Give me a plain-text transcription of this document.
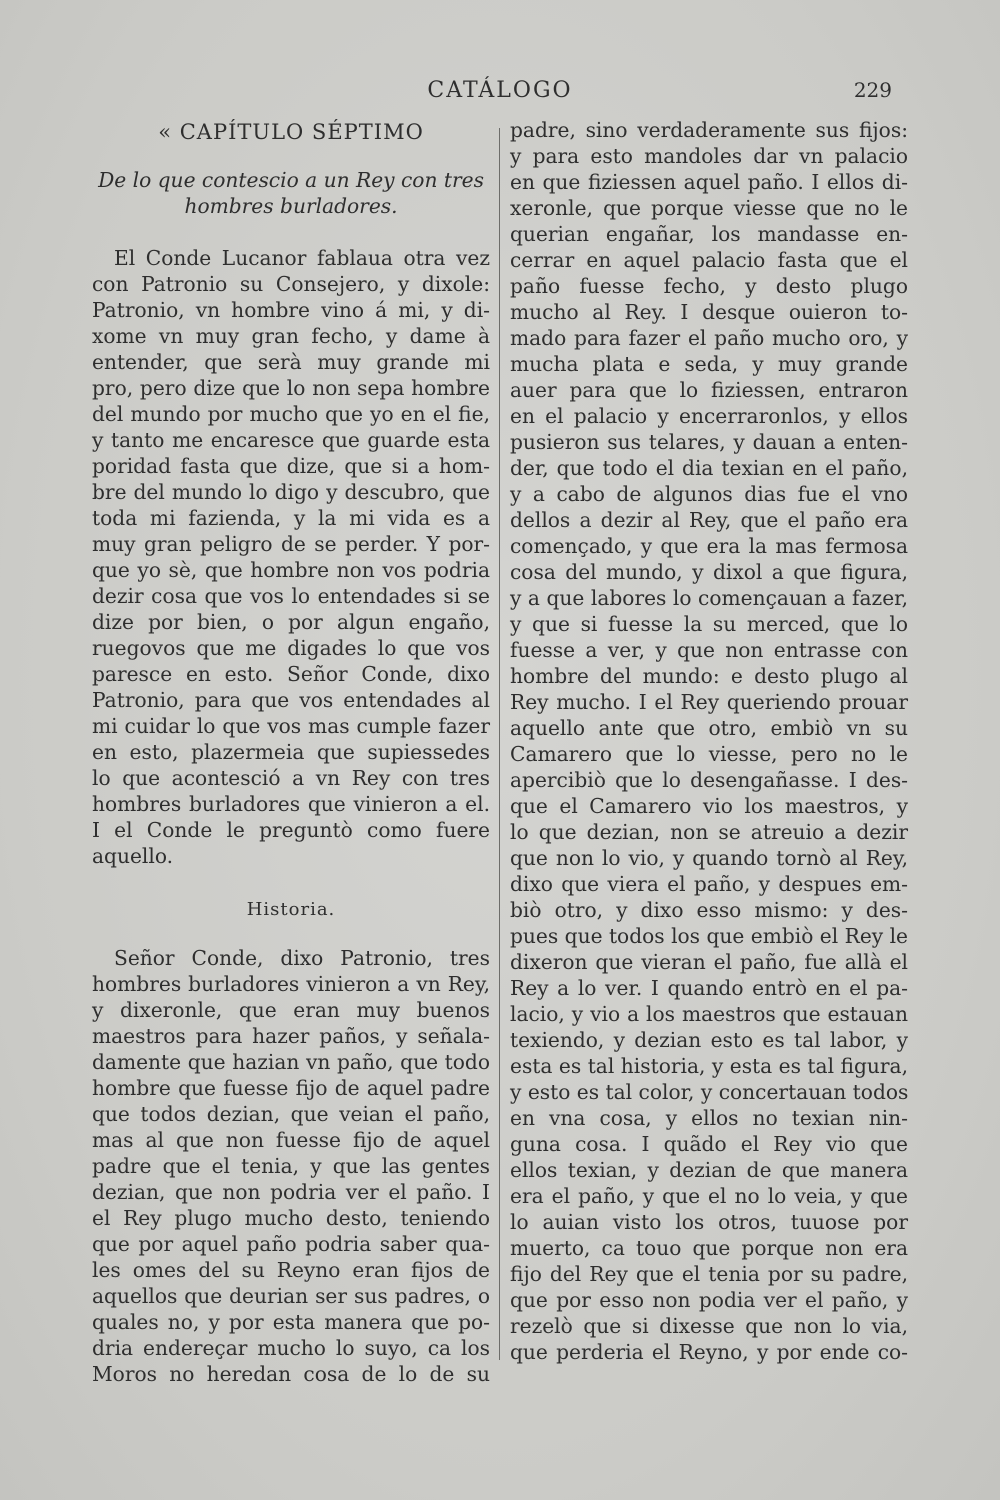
CATÁLOGO	229
« CAPÍTULO SÉPTIMO
De lo que contescio a un Rey con tres
hombres burladores.
El Conde Lucanor fablaua otra vez
con Patronio su Consejero, y dixole:
Patronio, vn hombre vino á mi, y di-
xome vn muy gran fecho, y dame à
entender, que serà muy grande mi
pro, pero dize que lo non sepa hombre
del mundo por mucho que yo en el fie,
y tanto me encaresce que guarde esta
poridad fasta que dize, que si a hom-
bre del mundo lo digo y descubro, que
toda mi fazienda, y la mi vida es a
muy gran peligro de se perder. Y por-
que yo sè, que hombre non vos podria
dezir cosa que vos lo entendades si se
dize por bien, o por algun engaño,
ruegovos que me digades lo que vos
paresce en esto. Señor Conde, dixo
Patronio, para que vos entendades al
mi cuidar lo que vos mas cumple fazer
en esto, plazermeia que supiessedes
lo que acontesció a vn Rey con tres
hombres burladores que vinieron a el.
I el Conde le preguntò como fuere
aquello.
Historia.
Señor Conde, dixo Patronio, tres
hombres burladores vinieron a vn Rey,
y dixeronle, que eran muy buenos
maestros para hazer paños, y señala-
damente que hazian vn paño, que todo
hombre que fuesse fijo de aquel padre
que todos dezian, que veian el paño,
mas al que non fuesse fijo de aquel
padre que el tenia, y que las gentes
dezian, que non podria ver el paño. I
el Rey plugo mucho desto, teniendo
que por aquel paño podria saber qua-
les omes del su Reyno eran fijos de
aquellos que deurian ser sus padres, o
quales no, y por esta manera que po-
dria endereçar mucho lo suyo, ca los
Moros no heredan cosa de lo de su
padre, sino verdaderamente sus fijos:
y para esto mandoles dar vn palacio
en que fiziessen aquel paño. I ellos di-
xeronle, que porque viesse que no le
querian engañar, los mandasse en-
cerrar en aquel palacio fasta que el
paño fuesse fecho, y desto plugo
mucho al Rey. I desque ouieron to-
mado para fazer el paño mucho oro, y
mucha plata e seda, y muy grande
auer para que lo fiziessen, entraron
en el palacio y encerraronlos, y ellos
pusieron sus telares, y dauan a enten-
der, que todo el dia texian en el paño,
y a cabo de algunos dias fue el vno
dellos a dezir al Rey, que el paño era
començado, y que era la mas fermosa
cosa del mundo, y dixol a que figura,
y a que labores lo començauan a fazer,
y que si fuesse la su merced, que lo
fuesse a ver, y que non entrasse con
hombre del mundo: e desto plugo al
Rey mucho. I el Rey queriendo prouar
aquello ante que otro, embiò vn su
Camarero que lo viesse, pero no le
apercibiò que lo desengañasse. I des-
que el Camarero vio los maestros, y
lo que dezian, non se atreuio a dezir
que non lo vio, y quando tornò al Rey,
dixo que viera el paño, y despues em-
biò otro, y dixo esso mismo: y des-
pues que todos los que embiò el Rey le
dixeron que vieran el paño, fue allà el
Rey a lo ver. I quando entrò en el pa-
lacio, y vio a los maestros que estauan
texiendo, y dezian esto es tal labor, y
esta es tal historia, y esta es tal figura,
y esto es tal color, y concertauan todos
en vna cosa, y ellos no texian nin-
guna cosa. I quãdo el Rey vio que
ellos texian, y dezian de que manera
era el paño, y que el no lo veia, y que
lo auian visto los otros, tuuose por
muerto, ca touo que porque non era
fijo del Rey que el tenia por su padre,
que por esso non podia ver el paño, y
rezelò que si dixesse que non lo via,
que perderia el Reyno, y por ende co-
